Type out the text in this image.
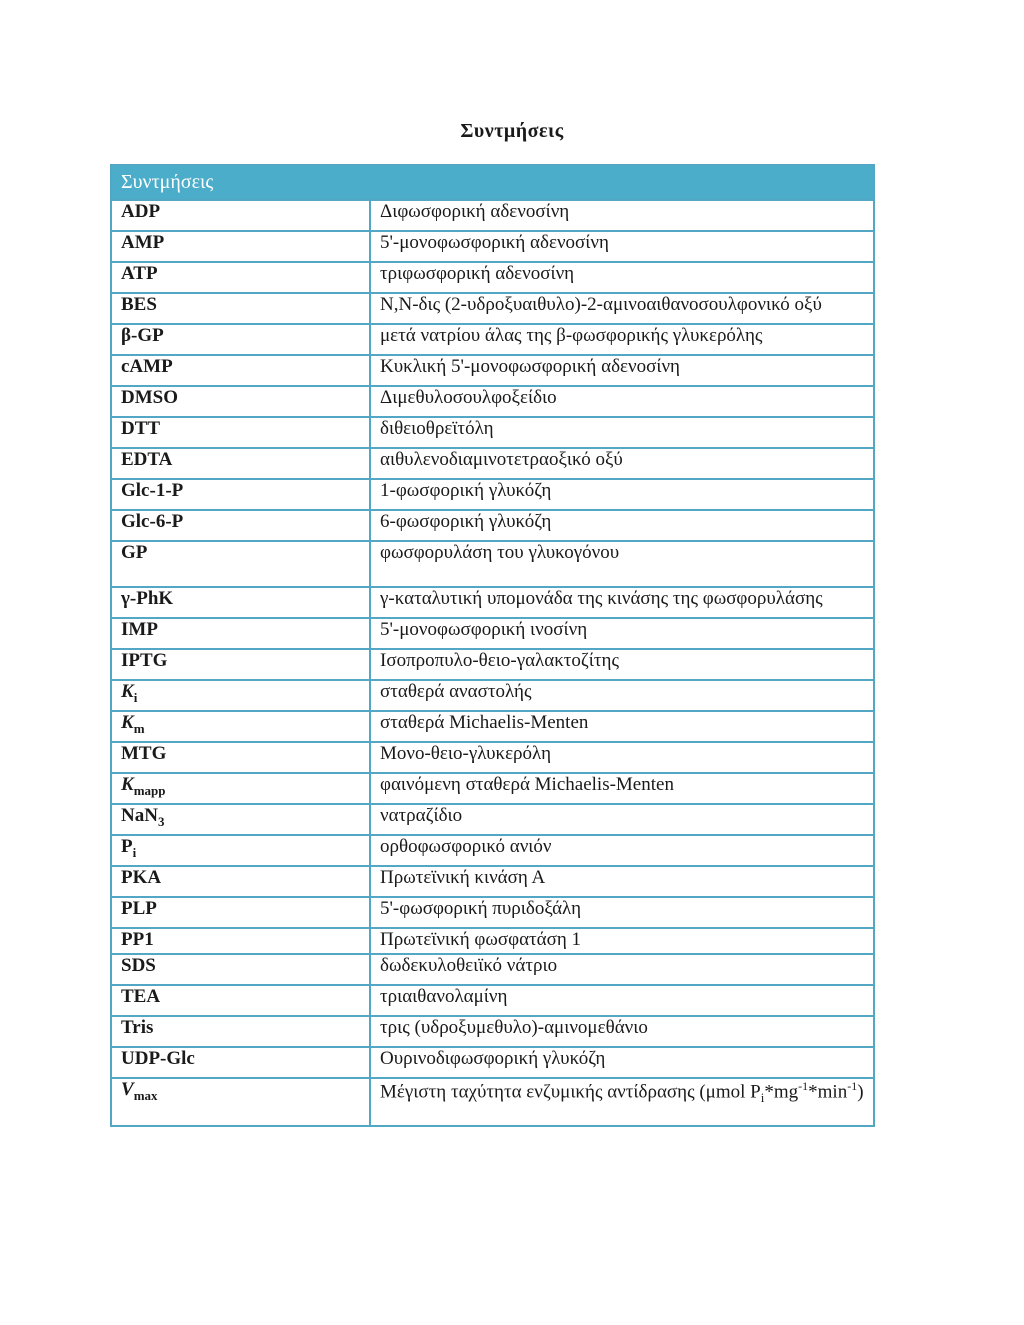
Συντμήσεις
Συντμήσεις	
ADP	Διφωσφορική αδενοσίνη
AMP	5'-μονοφωσφορική αδενοσίνη
ATP	τριφωσφορική αδενοσίνη
BES	N,N-δις (2-υδροξυαιθυλο)-2-αμινοαιθανοσουλφονικό οξύ
β-GP	μετά νατρίου άλας της β-φωσφορικής γλυκερόλης
cAMP	Κυκλική 5'-μονοφωσφορική αδενοσίνη
DMSO	Διμεθυλοσουλφοξείδιο
DTT	διθειοθρεϊτόλη
EDTA	αιθυλενοδιαμινοτετραοξικό οξύ
Glc-1-P	1-φωσφορική γλυκόζη
Glc-6-P	6-φωσφορική γλυκόζη
GP	φωσφορυλάση του γλυκογόνου
γ-PhK	γ-καταλυτική υπομονάδα της κινάσης της φωσφορυλάσης
IMP	5'-μονοφωσφορική ινοσίνη
IPTG	Ισοπροπυλο-θειο-γαλακτοζίτης
$K_i$	σταθερά αναστολής
$K_m$	σταθερά Michaelis-Menten
MTG	Μονο-θειο-γλυκερόλη
$K_{mapp}$	φαινόμενη σταθερά Michaelis-Menten
NaN$_3$	νατραζίδιο
$P_i$	ορθοφωσφορικό ανιόν
PKA	Πρωτεϊνική κινάση Α
PLP	5'-φωσφορική πυριδοξάλη
PP1	Πρωτεϊνική φωσφατάση 1
SDS	δωδεκυλοθειϊκό νάτριο
TEA	τριαιθανολαμίνη
Tris	τρις (υδροξυμεθυλο)-αμινομεθάνιο
UDP-Glc	Ουρινοδιφωσφορική γλυκόζη
$V_{max}$	Μέγιστη ταχύτητα ενζυμικής αντίδρασης (μmol $P_i*mg^{-1}*\min^{-1}$)
